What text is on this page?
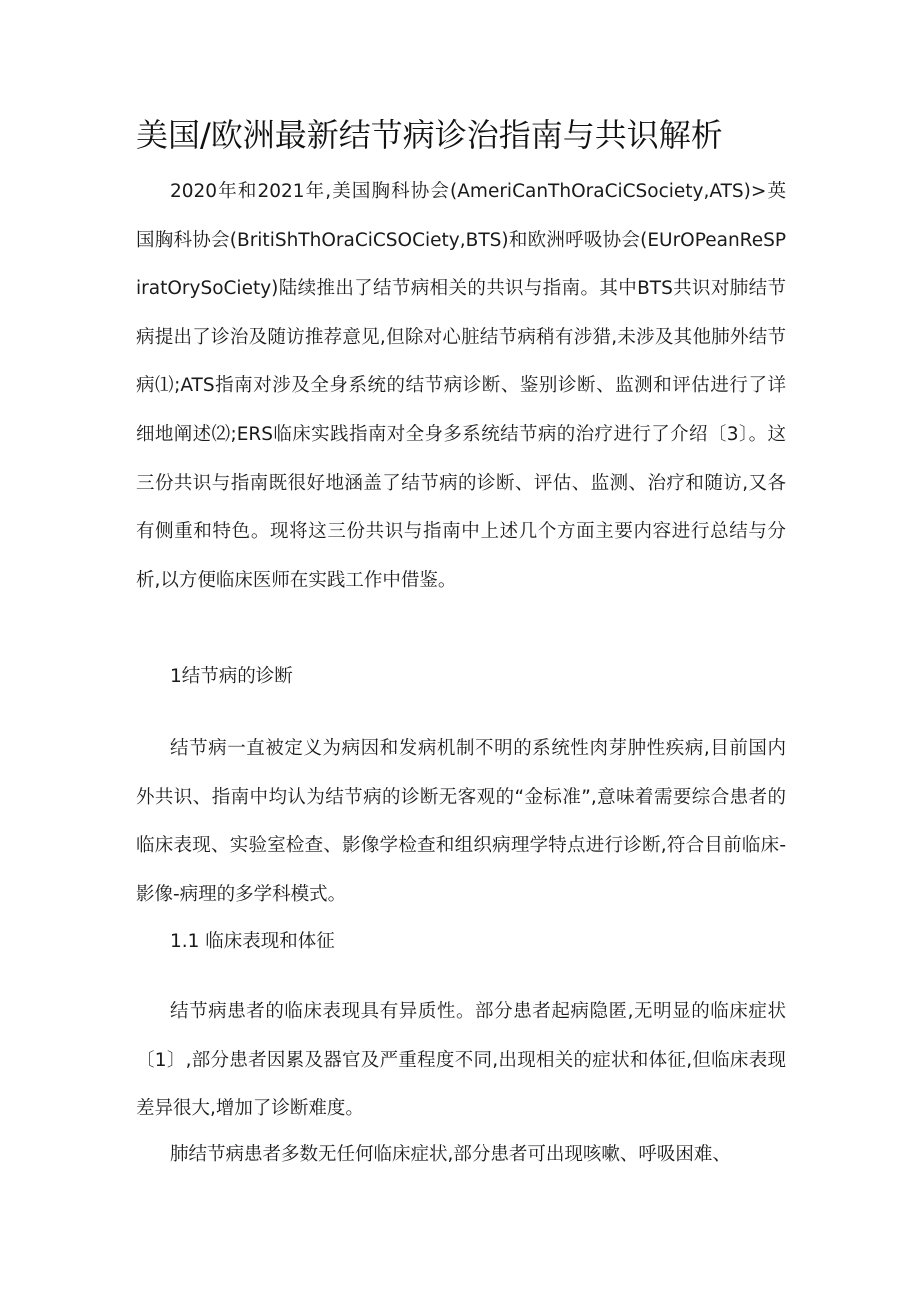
美国/欧洲最新结节病诊治指南与共识解析

2020年和2021年,美国胸科协会(AmeriCanThOraCiCSociety,ATS)>英国胸科协会(BritiShThOraCiCSOCiety,BTS)和欧洲呼吸协会(EUrOPeanReSPiratOrySoCiety)陆续推出了结节病相关的共识与指南。其中BTS共识对肺结节病提出了诊治及随访推荐意见,但除对心脏结节病稍有涉猎,未涉及其他肺外结节病⑴;ATS指南对涉及全身系统的结节病诊断、鉴别诊断、监测和评估进行了详细地阐述⑵;ERS临床实践指南对全身多系统结节病的治疗进行了介绍〔3〕。这三份共识与指南既很好地涵盖了结节病的诊断、评估、监测、治疗和随访,又各有侧重和特色。现将这三份共识与指南中上述几个方面主要内容进行总结与分析,以方便临床医师在实践工作中借鉴。

1结节病的诊断

结节病一直被定义为病因和发病机制不明的系统性肉芽肿性疾病,目前国内外共识、指南中均认为结节病的诊断无客观的“金标准”,意味着需要综合患者的临床表现、实验室检查、影像学检查和组织病理学特点进行诊断,符合目前临床-影像-病理的多学科模式。

1.1 临床表现和体征

结节病患者的临床表现具有异质性。部分患者起病隐匿,无明显的临床症状〔1〕,部分患者因累及器官及严重程度不同,出现相关的症状和体征,但临床表现差异很大,增加了诊断难度。

肺结节病患者多数无任何临床症状,部分患者可出现咳嗽、呼吸困难、
